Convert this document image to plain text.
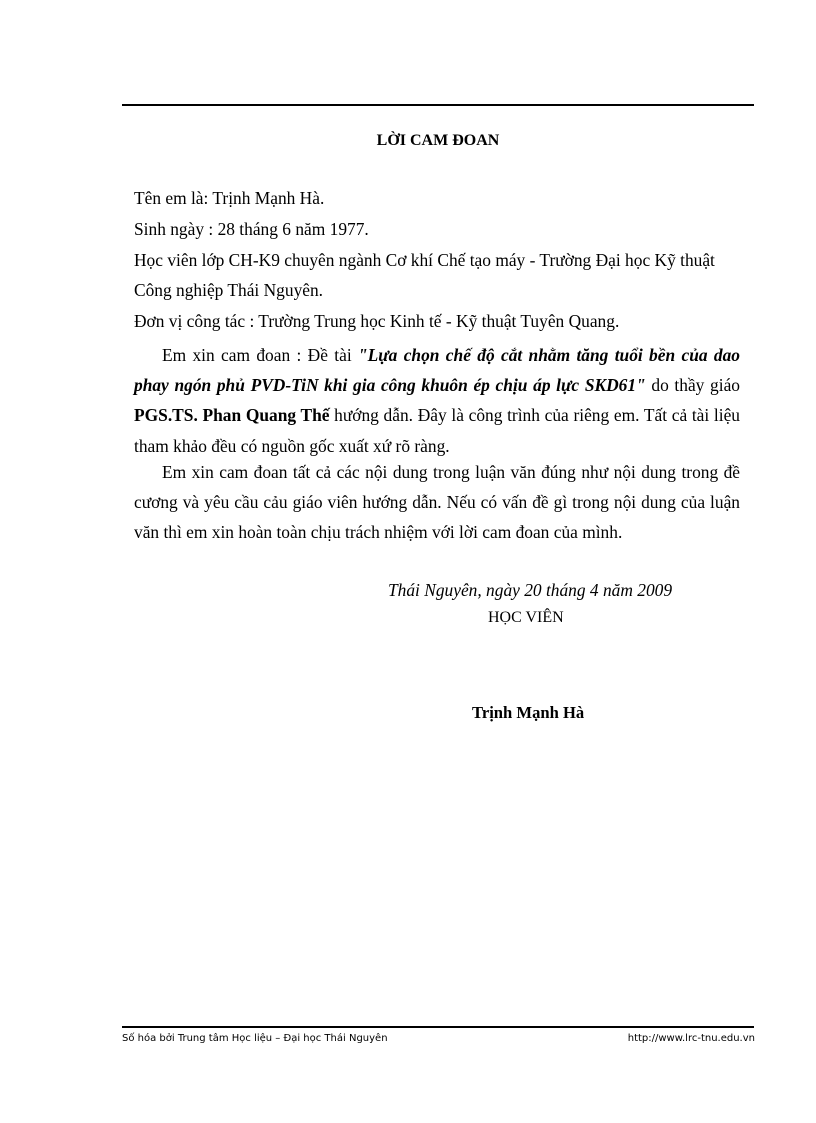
LỜI CAM ĐOAN
Tên em là: Trịnh Mạnh Hà.
Sinh ngày : 28 tháng 6 năm 1977.
Học viên lớp CH-K9 chuyên ngành Cơ khí Chế tạo máy - Trường Đại học Kỹ thuật
Công nghiệp Thái Nguyên.
Đơn vị công tác : Trường Trung học Kinh tế - Kỹ thuật Tuyên Quang.
Em xin cam đoan : Đề tài "Lựa chọn chế độ cắt nhằm tăng tuổi bền của dao phay ngón phủ PVD-TiN khi gia công khuôn ép chịu áp lực SKD61" do thầy giáo PGS.TS. Phan Quang Thế hướng dẫn. Đây là công trình của riêng em. Tất cả tài liệu tham khảo đều có nguồn gốc xuất xứ rõ ràng.
Em xin cam đoan tất cả các nội dung trong luận văn đúng như nội dung trong đề cương và yêu cầu cảu giáo viên hướng dẫn. Nếu có vấn đề gì trong nội dung của luận văn thì em xin hoàn toàn chịu trách nhiệm với lời cam đoan của mình.
Thái Nguyên, ngày 20 tháng 4 năm 2009
HỌC VIÊN
Trịnh Mạnh Hà
Số hóa bởi Trung tâm Học liệu – Đại học Thái Nguyên	http://www.lrc-tnu.edu.vn
